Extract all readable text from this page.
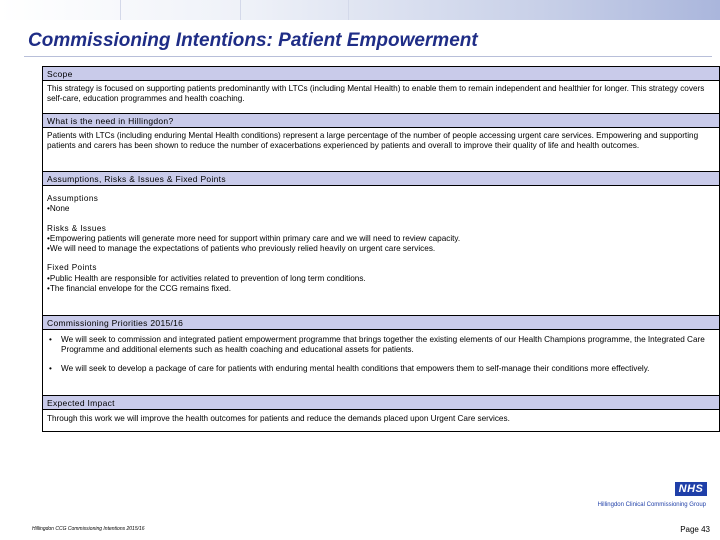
Commissioning Intentions: Patient Empowerment
Scope

This strategy is focused on supporting patients predominantly with LTCs (including Mental Health) to enable them to remain independent and healthier for longer. This strategy covers self-care, education programmes and health coaching.

What is the need in Hillingdon?

Patients with LTCs (including enduring Mental Health conditions) represent a large percentage of the number of people accessing urgent care services. Empowering and supporting patients and carers has been shown to reduce the number of exacerbations experienced by patients and overall to improve their quality of life and health outcomes.

Assumptions, Risks & Issues & Fixed Points
Assumptions
•None
Risks & Issues
•Empowering patients will generate more need for support within primary care and we will need to review capacity.
•We will need to manage the expectations of patients who previously relied heavily on urgent care services.
Fixed Points
•Public Health are responsible for activities related to prevention of long term conditions.
•The financial envelope for the CCG remains fixed.
Commissioning Priorities 2015/16
• We will seek to commission and integrated patient empowerment programme that brings together the existing elements of our Health Champions programme, the Integrated Care Programme and additional elements such as health coaching and educational assets for patients.
• We will seek to develop a package of care for patients with enduring mental health conditions that empowers them to self-manage their conditions more effectively.
Expected Impact

Through this work we will improve the health outcomes for patients and reduce the demands placed upon Urgent Care services.

NHS
Hillingdon Clinical Commissioning Group
Hillingdon CCG Commissioning Intentions 2015/16	Page 43
